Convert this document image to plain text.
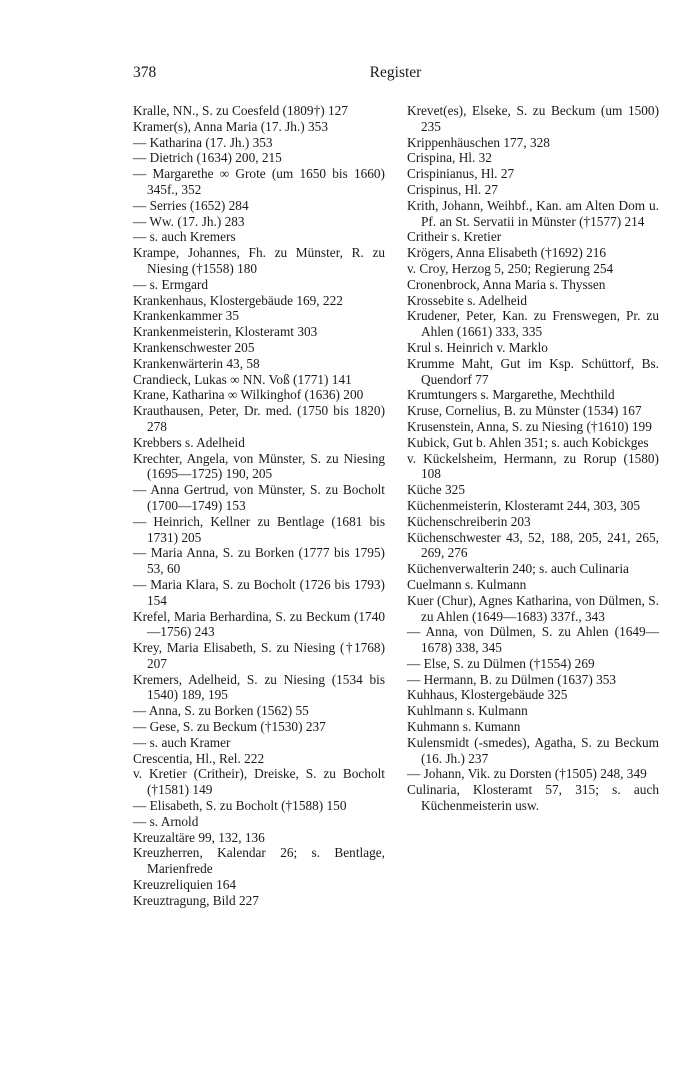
378	Register

Kralle, NN., S. zu Coesfeld (1809†) 127

Kramer(s), Anna Maria (17. Jh.) 353

— Katharina (17. Jh.) 353

— Dietrich (1634) 200, 215

— Margarethe ∞ Grote (um 1650 bis 1660) 345f., 352

— Serries (1652) 284

— Ww. (17. Jh.) 283

— s. auch Kremers

Krampe, Johannes, Fh. zu Münster, R. zu Niesing (†1558) 180

— s. Ermgard

Krankenhaus, Klostergebäude 169, 222

Krankenkammer 35

Krankenmeisterin, Klosteramt 303

Krankenschwester 205

Krankenwärterin 43, 58

Crandieck, Lukas ∞ NN. Voß (1771) 141

Krane, Katharina ∞ Wilkinghof (1636) 200

Krauthausen, Peter, Dr. med. (1750 bis 1820) 278

Krebbers s. Adelheid

Krechter, Angela, von Münster, S. zu Niesing (1695—1725) 190, 205

— Anna Gertrud, von Münster, S. zu Bocholt (1700—1749) 153

— Heinrich, Kellner zu Bentlage (1681 bis 1731) 205

— Maria Anna, S. zu Borken (1777 bis 1795) 53, 60

— Maria Klara, S. zu Bocholt (1726 bis 1793) 154

Krefel, Maria Berhardina, S. zu Beckum (1740—1756) 243

Krey, Maria Elisabeth, S. zu Niesing (†1768) 207

Kremers, Adelheid, S. zu Niesing (1534 bis 1540) 189, 195

— Anna, S. zu Borken (1562) 55

— Gese, S. zu Beckum (†1530) 237

— s. auch Kramer

Crescentia, Hl., Rel. 222

v. Kretier (Critheir), Dreiske, S. zu Bocholt (†1581) 149

— Elisabeth, S. zu Bocholt (†1588) 150

— s. Arnold

Kreuzaltäre 99, 132, 136

Kreuzherren, Kalendar 26; s. Bentlage, Marienfrede

Kreuzreliquien 164

Kreuztragung, Bild 227

Krevet(es), Elseke, S. zu Beckum (um 1500) 235

Krippenhäuschen 177, 328

Crispina, Hl. 32

Crispinianus, Hl. 27

Crispinus, Hl. 27

Krith, Johann, Weihbf., Kan. am Alten Dom u. Pf. an St. Servatii in Münster (†1577) 214

Critheir s. Kretier

Krögers, Anna Elisabeth (†1692) 216

v. Croy, Herzog 5, 250; Regierung 254

Cronenbrock, Anna Maria s. Thyssen

Krossebite s. Adelheid

Krudener, Peter, Kan. zu Frenswegen, Pr. zu Ahlen (1661) 333, 335

Krul s. Heinrich v. Marklo

Krumme Maht, Gut im Ksp. Schüttorf, Bs. Quendorf 77

Krumtungers s. Margarethe, Mechthild

Kruse, Cornelius, B. zu Münster (1534) 167

Krusenstein, Anna, S. zu Niesing (†1610) 199

Kubick, Gut b. Ahlen 351; s. auch Kobickges

v. Kückelsheim, Hermann, zu Rorup (1580) 108

Küche 325

Küchenmeisterin, Klosteramt 244, 303, 305

Küchenschreiberin 203

Küchenschwester 43, 52, 188, 205, 241, 265, 269, 276

Küchenverwalterin 240; s. auch Culinaria

Cuelmann s. Kulmann

Kuer (Chur), Agnes Katharina, von Dülmen, S. zu Ahlen (1649—1683) 337f., 343

— Anna, von Dülmen, S. zu Ahlen (1649—1678) 338, 345

— Else, S. zu Dülmen (†1554) 269

— Hermann, B. zu Dülmen (1637) 353

Kuhhaus, Klostergebäude 325

Kuhlmann s. Kulmann

Kuhmann s. Kumann

Kulensmidt (-smedes), Agatha, S. zu Beckum (16. Jh.) 237

— Johann, Vik. zu Dorsten (†1505) 248, 349

Culinaria, Klosteramt 57, 315; s. auch Küchenmeisterin usw.
